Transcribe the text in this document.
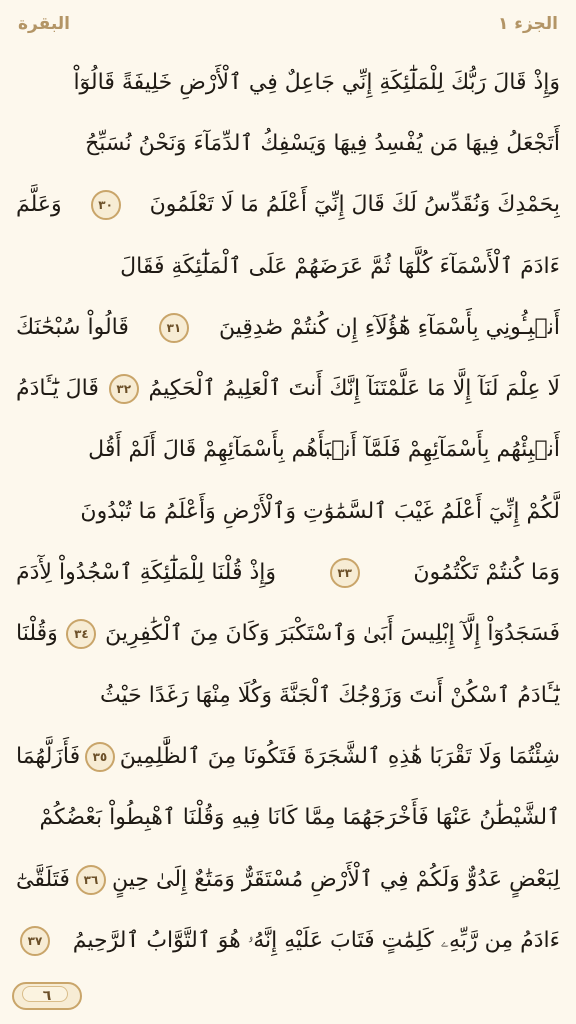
البقرة	الجزء ١
وَإِذْ قَالَ رَبُّكَ لِلْمَلَٰٓئِكَةِ إِنِّي جَاعِلٌ فِي ٱلْأَرْضِ خَلِيفَةً قَالُوٓاْ
أَتَجْعَلُ فِيهَا مَن يُفْسِدُ فِيهَا وَيَسْفِكُ ٱلدِّمَآءَ وَنَحْنُ نُسَبِّحُ
بِحَمْدِكَ وَنُقَدِّسُ لَكَ قَالَ إِنِّيٓ أَعْلَمُ مَا لَا تَعْلَمُونَ
٣٠
وَعَلَّمَ
ءَادَمَ ٱلْأَسْمَآءَ كُلَّهَا ثُمَّ عَرَضَهُمْ عَلَى ٱلْمَلَٰٓئِكَةِ فَقَالَ
أَنۢبِـُٔونِي بِأَسْمَآءِ هَٰٓؤُلَآءِ إِن كُنتُمْ صَٰدِقِينَ
٣١
قَالُواْ سُبْحَٰنَكَ
لَا عِلْمَ لَنَآ إِلَّا مَا عَلَّمْتَنَآ إِنَّكَ أَنتَ ٱلْعَلِيمُ ٱلْحَكِيمُ
٣٢
قَالَ يَٰٓـَٔادَمُ
أَنۢبِئْهُم بِأَسْمَآئِهِمْ فَلَمَّآ أَنۢبَأَهُم بِأَسْمَآئِهِمْ قَالَ أَلَمْ أَقُل
لَّكُمْ إِنِّيٓ أَعْلَمُ غَيْبَ ٱلسَّمَٰوَٰتِ وَٱلْأَرْضِ وَأَعْلَمُ مَا تُبْدُونَ
وَمَا كُنتُمْ تَكْتُمُونَ
٣٣
وَإِذْ قُلْنَا لِلْمَلَٰٓئِكَةِ ٱسْجُدُواْ لِأٓدَمَ
فَسَجَدُوٓاْ إِلَّآ إِبْلِيسَ أَبَىٰ وَٱسْتَكْبَرَ وَكَانَ مِنَ ٱلْكَٰفِرِينَ
٣٤
وَقُلْنَا
يَٰٓـَٔادَمُ ٱسْكُنْ أَنتَ وَزَوْجُكَ ٱلْجَنَّةَ وَكُلَا مِنْهَا رَغَدًا حَيْثُ
شِئْتُمَا وَلَا تَقْرَبَا هَٰذِهِ ٱلشَّجَرَةَ فَتَكُونَا مِنَ ٱلظَّٰلِمِينَ
٣٥
فَأَزَلَّهُمَا
ٱلشَّيْطَٰنُ عَنْهَا فَأَخْرَجَهُمَا مِمَّا كَانَا فِيهِ وَقُلْنَا ٱهْبِطُواْ بَعْضُكُمْ
لِبَعْضٍ عَدُوٌّ وَلَكُمْ فِي ٱلْأَرْضِ مُسْتَقَرٌّ وَمَتَٰعٌ إِلَىٰ حِينٍ
٣٦
فَتَلَقَّىٰٓ
ءَادَمُ مِن رَّبِّهِۦ كَلِمَٰتٍ فَتَابَ عَلَيْهِ إِنَّهُۥ هُوَ ٱلتَّوَّابُ ٱلرَّحِيمُ
٣٧
٦
